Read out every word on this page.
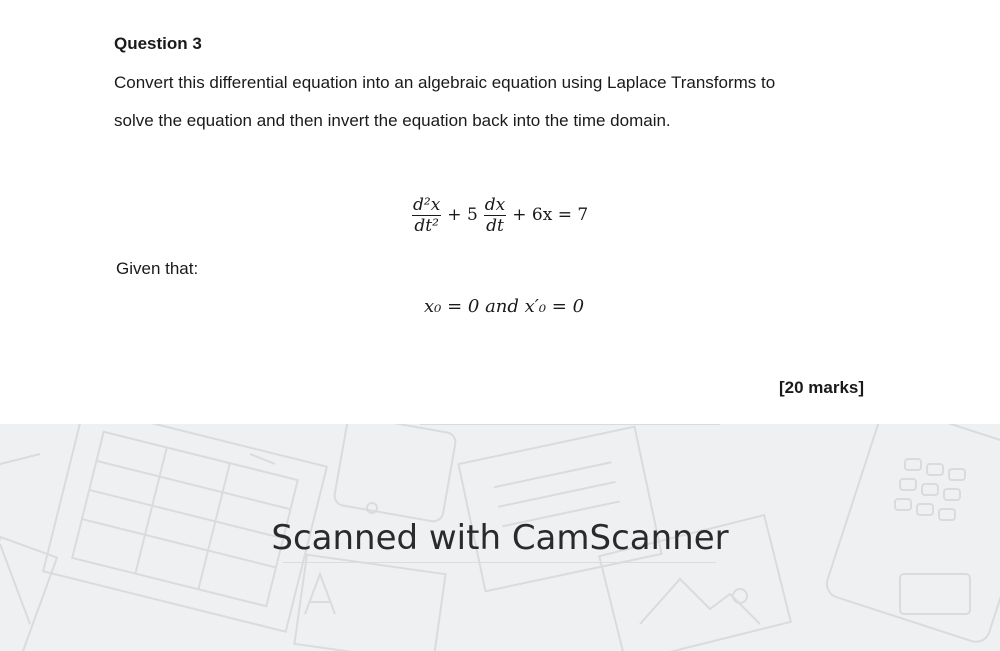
Question 3
Convert this differential equation into an algebraic equation using Laplace Transforms to
solve the equation and then invert the equation back into the time domain.
$\frac{\text{d²x}}{\text{dt²}} + 5 \frac{dx}{dt} + 6x = 7$
Given that:
x₀ = 0 and x′₀ = 0
[20 marks]
Scanned with CamScanner
